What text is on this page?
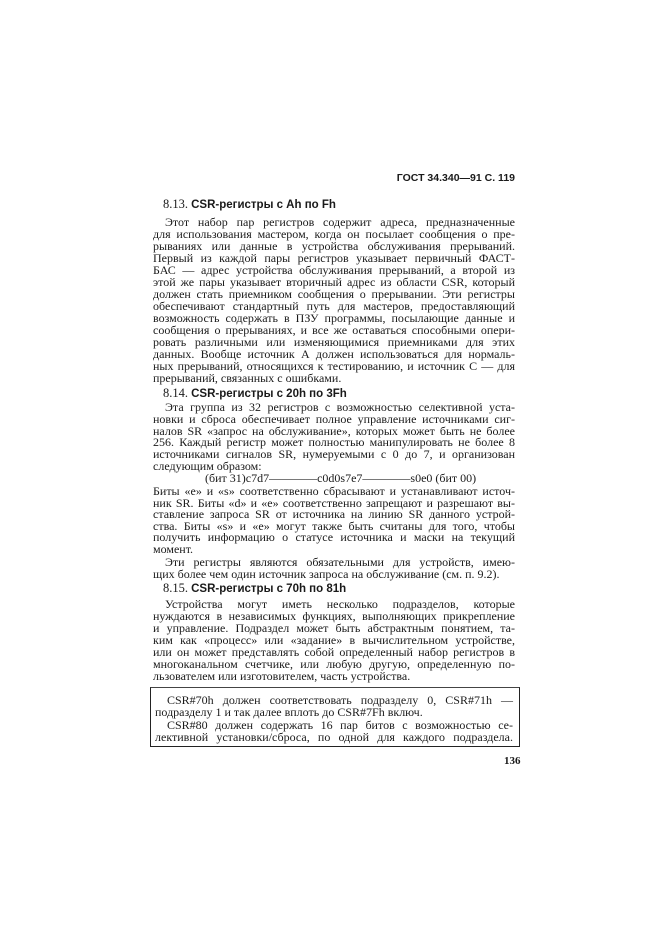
ГОСТ 34.340—91 С. 119
136
8.13. CSR-регистры с Ah по Fh
Этот набор пар регистров содержит адреса, предназначенные
для использования мастером, когда он посылает сообщения о пре-
рываниях или данные в устройства обслуживания прерываний.
Первый из каждой пары регистров указывает первичный ФАСТ-
БАС — адрес устройства обслуживания прерываний, а второй из
этой же пары указывает вторичный адрес из области CSR, который
должен стать приемником сообщения о прерывании. Эти регистры
обеспечивают стандартный путь для мастеров, предоставляющий
возможность содержать в ПЗУ программы, посылающие данные и
сообщения о прерываниях, и все же оставаться способными опери-
ровать различными или изменяющимися приемниками для этих
данных. Вообще источник А должен использоваться для нормаль-
ных прерываний, относящихся к тестированию, и источник С — для
прерываний, связанных с ошибками.
8.14. CSR-регистры с 20h по 3Fh
Эта группа из 32 регистров с возможностью селективной уста-
новки и сброса обеспечивает полное управление источниками сиг-
налов SR «запрос на обслуживание», которых может быть не более
256. Каждый регистр может полностью манипулировать не более 8
источниками сигналов SR, нумеруемыми с 0 до 7, и организован
следующим образом:
(бит 31)c7d7————c0d0s7e7————s0e0 (бит 00)
Биты «e» и «s» соответственно сбрасывают и устанавливают источ-
ник SR. Биты «d» и «e» соответственно запрещают и разрешают вы-
ставление запроса SR от источника на линию SR данного устрой-
ства. Биты «s» и «e» могут также быть считаны для того, чтобы
получить информацию о статусе источника и маски на текущий
момент.
Эти регистры являются обязательными для устройств, имею-
щих более чем один источник запроса на обслуживание (см. п. 9.2).
8.15. CSR-регистры с 70h по 81h
Устройства могут иметь несколько подразделов, которые
нуждаются в независимых функциях, выполняющих прикрепление
и управление. Подраздел может быть абстрактным понятием, та-
ким как «процесс» или «задание» в вычислительном устройстве,
или он может представлять собой определенный набор регистров в
многоканальном счетчике, или любую другую, определенную по-
льзователем или изготовителем, часть устройства.
CSR#70h должен соответствовать подразделу 0, CSR#71h —
подразделу 1 и так далее вплоть до CSR#7Fh включ.
CSR#80 должен содержать 16 пар битов с возможностью се-
лективной установки/сброса, по одной для каждого подраздела.
